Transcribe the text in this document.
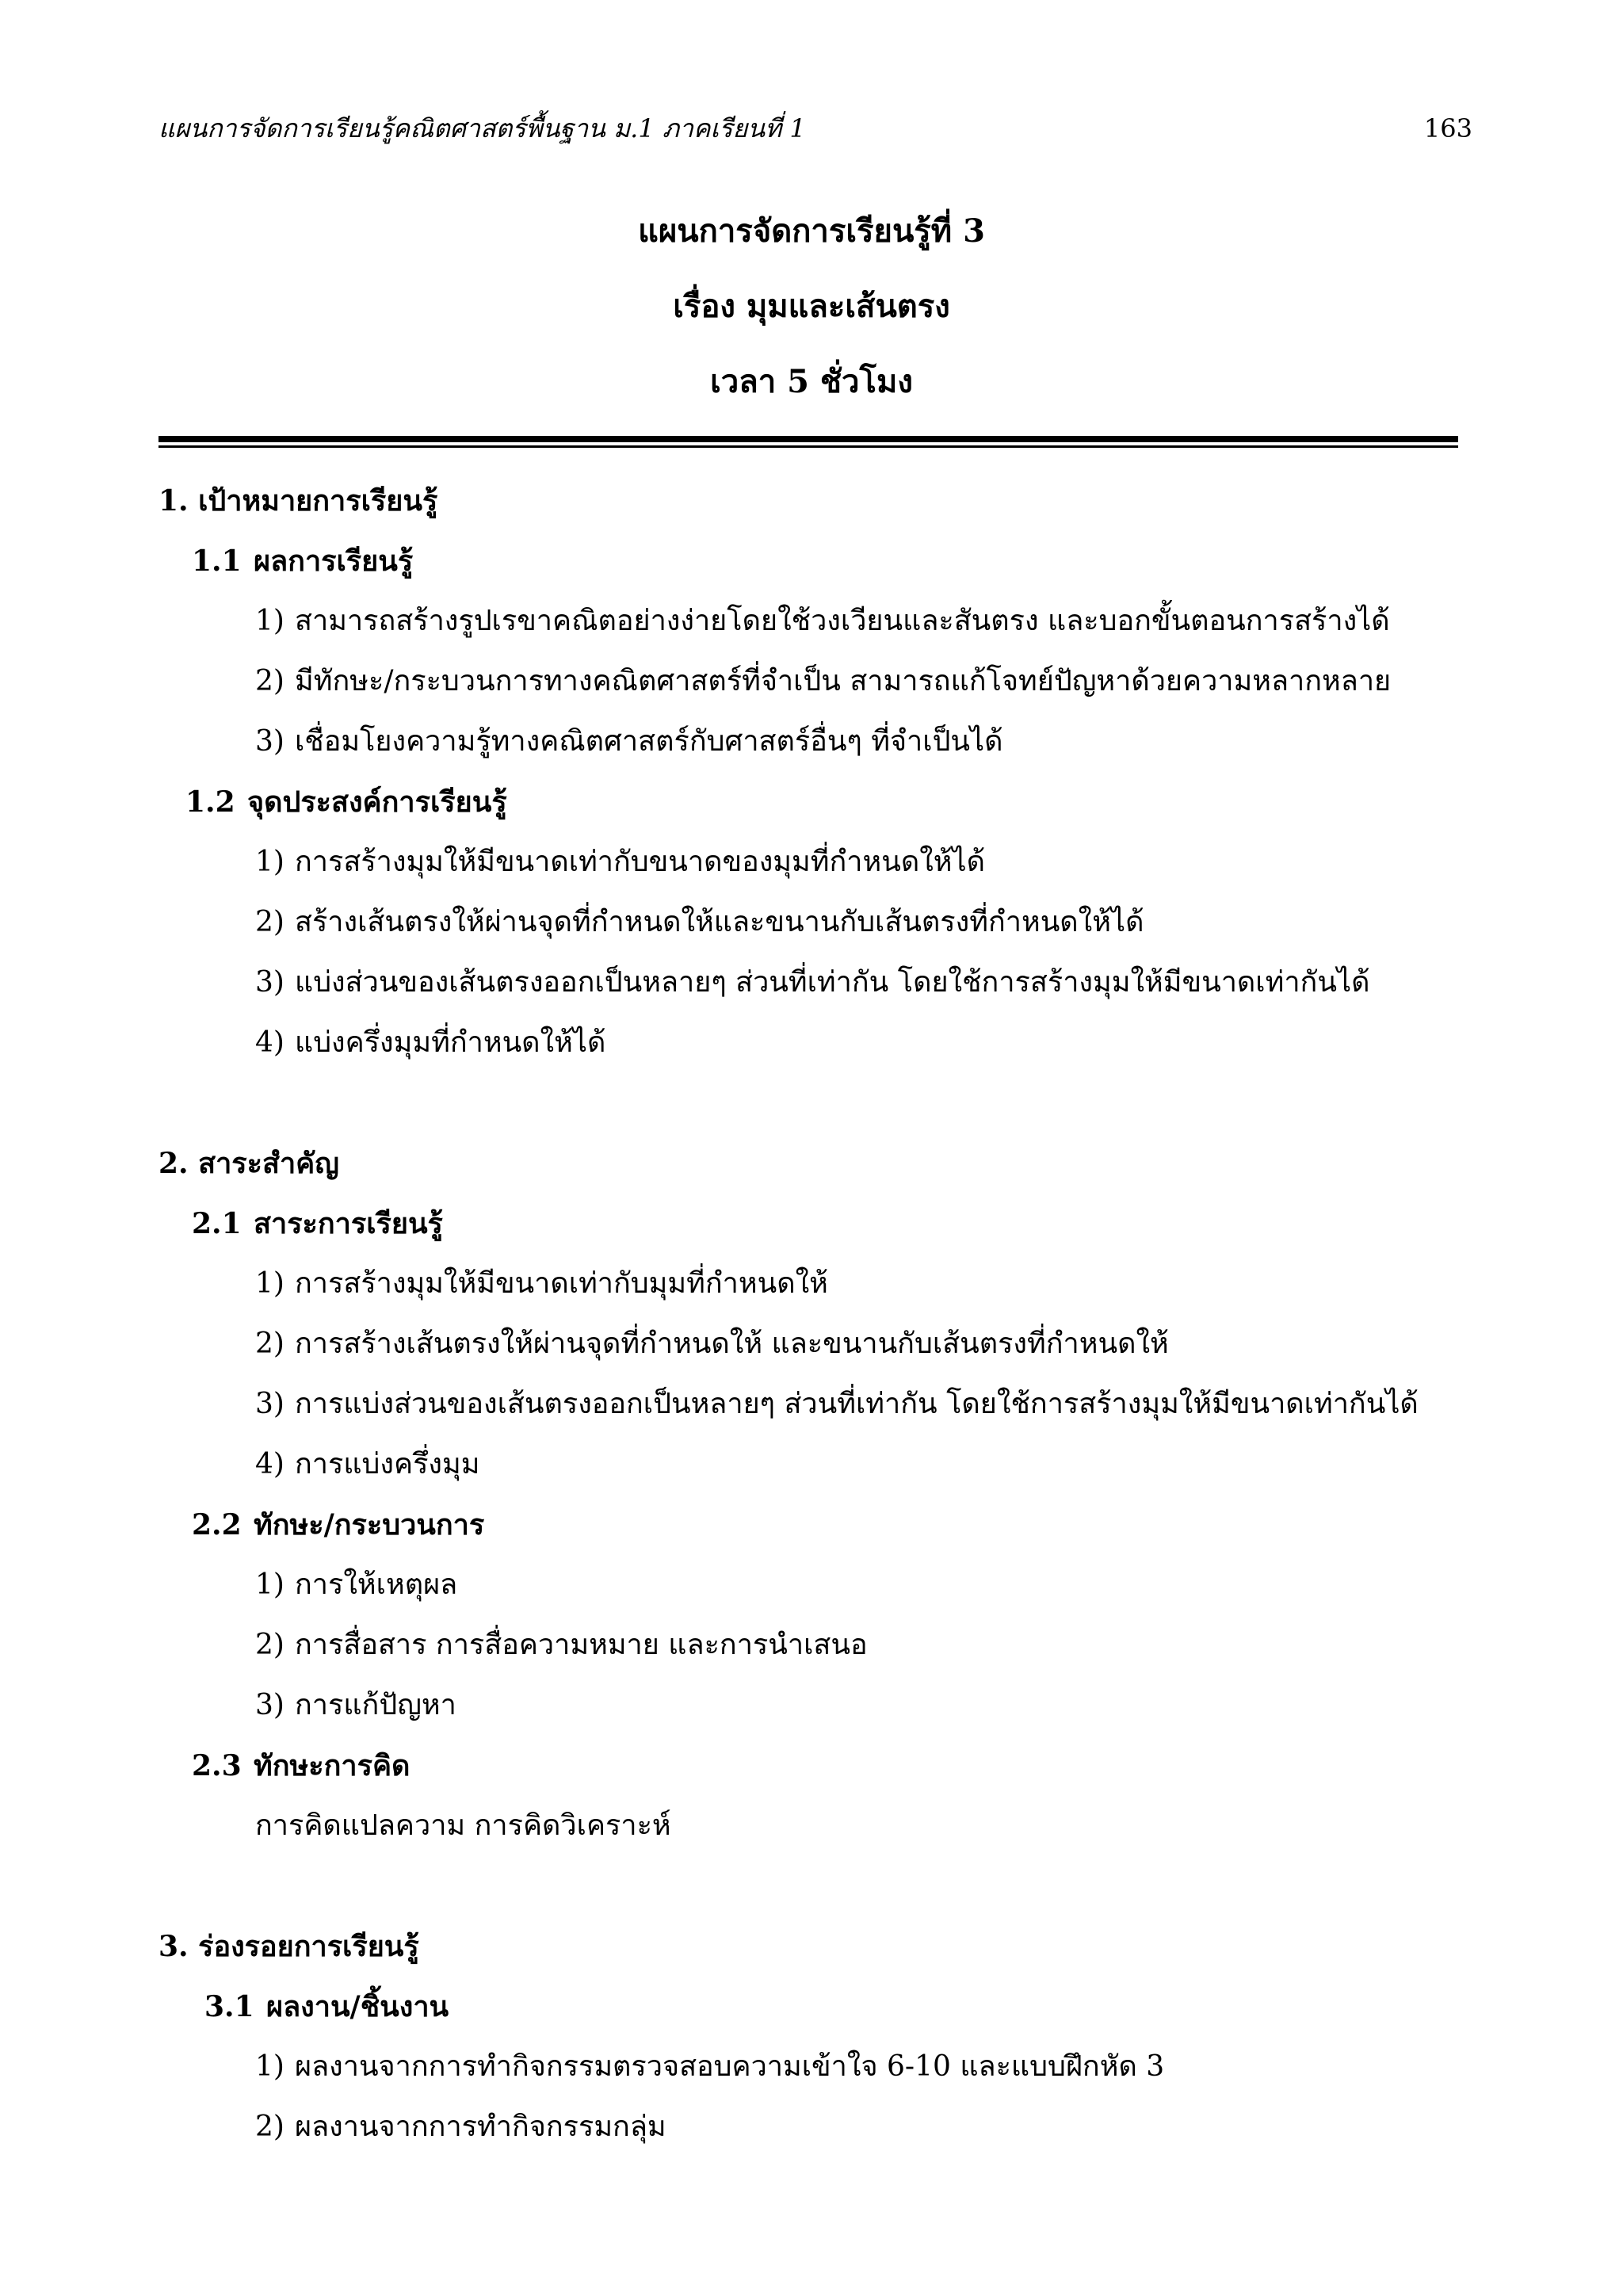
แผนการจัดการเรียนรู้คณิตศาสตร์พื้นฐาน ม.1 ภาคเรียนที่ 1	163
แผนการจัดการเรียนรู้ที่ 3
เรื่อง มุมและเส้นตรง
เวลา 5 ชั่วโมง
1. เป้าหมายการเรียนรู้
1.1 ผลการเรียนรู้
1) สามารถสร้างรูปเรขาคณิตอย่างง่ายโดยใช้วงเวียนและสันตรง และบอกขั้นตอนการสร้างได้
2) มีทักษะ/กระบวนการทางคณิตศาสตร์ที่จำเป็น สามารถแก้โจทย์ปัญหาด้วยความหลากหลาย
3) เชื่อมโยงความรู้ทางคณิตศาสตร์กับศาสตร์อื่นๆ ที่จำเป็นได้
1.2 จุดประสงค์การเรียนรู้
1) การสร้างมุมให้มีขนาดเท่ากับขนาดของมุมที่กำหนดให้ได้
2) สร้างเส้นตรงให้ผ่านจุดที่กำหนดให้และขนานกับเส้นตรงที่กำหนดให้ได้
3) แบ่งส่วนของเส้นตรงออกเป็นหลายๆ ส่วนที่เท่ากัน โดยใช้การสร้างมุมให้มีขนาดเท่ากันได้
4) แบ่งครึ่งมุมที่กำหนดให้ได้
2. สาระสำคัญ
2.1 สาระการเรียนรู้
1) การสร้างมุมให้มีขนาดเท่ากับมุมที่กำหนดให้
2) การสร้างเส้นตรงให้ผ่านจุดที่กำหนดให้ และขนานกับเส้นตรงที่กำหนดให้
3) การแบ่งส่วนของเส้นตรงออกเป็นหลายๆ ส่วนที่เท่ากัน โดยใช้การสร้างมุมให้มีขนาดเท่ากันได้
4) การแบ่งครึ่งมุม
2.2 ทักษะ/กระบวนการ
1) การให้เหตุผล
2) การสื่อสาร การสื่อความหมาย และการนำเสนอ
3) การแก้ปัญหา
2.3 ทักษะการคิด
การคิดแปลความ การคิดวิเคราะห์
3. ร่องรอยการเรียนรู้
3.1 ผลงาน/ชิ้นงาน
1) ผลงานจากการทำกิจกรรมตรวจสอบความเข้าใจ 6-10 และแบบฝึกหัด 3
2) ผลงานจากการทำกิจกรรมกลุ่ม
